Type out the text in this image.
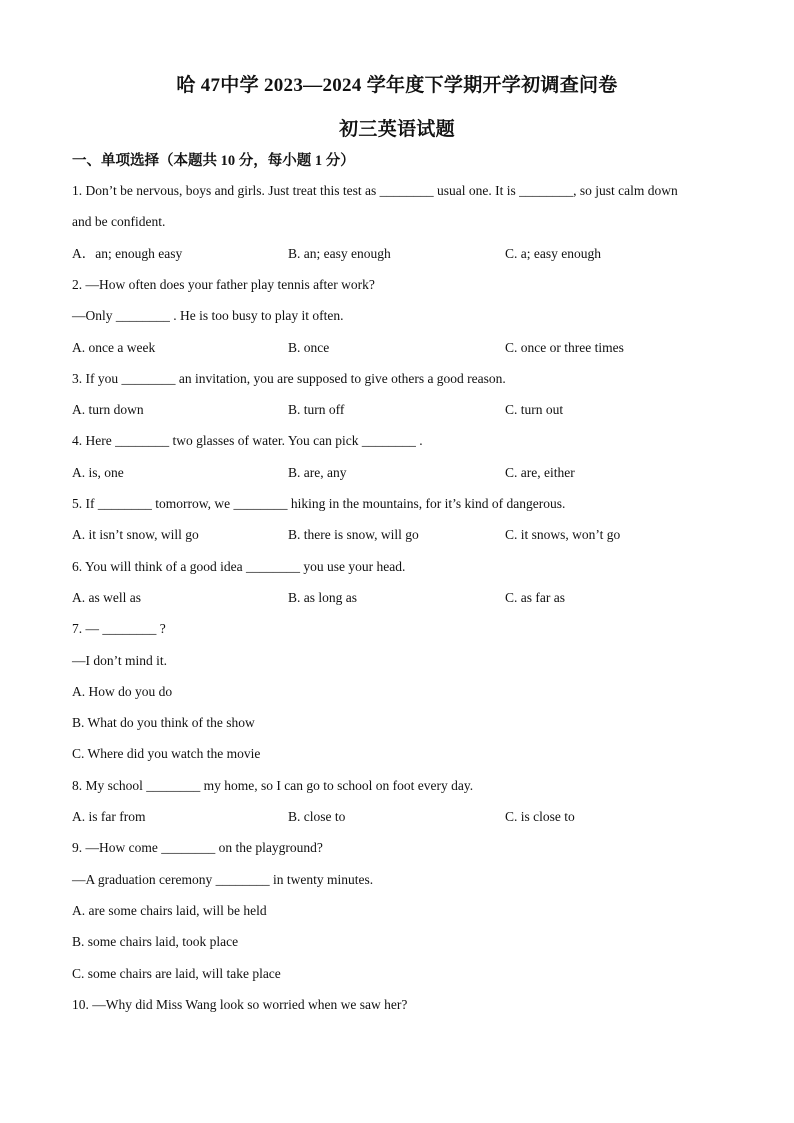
哈 47中学 2023—2024 学年度下学期开学初调查问卷
初三英语试题
一、单项选择（本题共 10 分，每小题 1 分）
1. Don’t be nervous, boys and girls. Just treat this test as ________ usual one. It is ________, so just calm down
and be confident.
A．an; enough easy	B. an; easy enough	C. a; easy enough
2. —How often does your father play tennis after work?
—Only ________ . He is too busy to play it often.
A. once a week	B. once	C. once or three times
3. If you ________ an invitation, you are supposed to give others a good reason.
A. turn down	B. turn off	C. turn out
4. Here ________ two glasses of water. You can pick ________ .
A. is, one	B. are, any	C. are, either
5. If ________ tomorrow, we ________ hiking in the mountains, for it’s kind of dangerous.
A. it isn’t snow, will go	B. there is snow, will go	C. it snows, won’t go
6. You will think of a good idea ________ you use your head.
A. as well as	B. as long as	C. as far as
7. — ________ ?
—I don’t mind it.
A. How do you do
B. What do you think of the show
C. Where did you watch the movie
8. My school ________ my home, so I can go to school on foot every day.
A. is far from	B. close to	C. is close to
9. —How come ________ on the playground?
—A graduation ceremony ________ in twenty minutes.
A. are some chairs laid, will be held
B. some chairs laid, took place
C. some chairs are laid, will take place
10. —Why did Miss Wang look so worried when we saw her?
